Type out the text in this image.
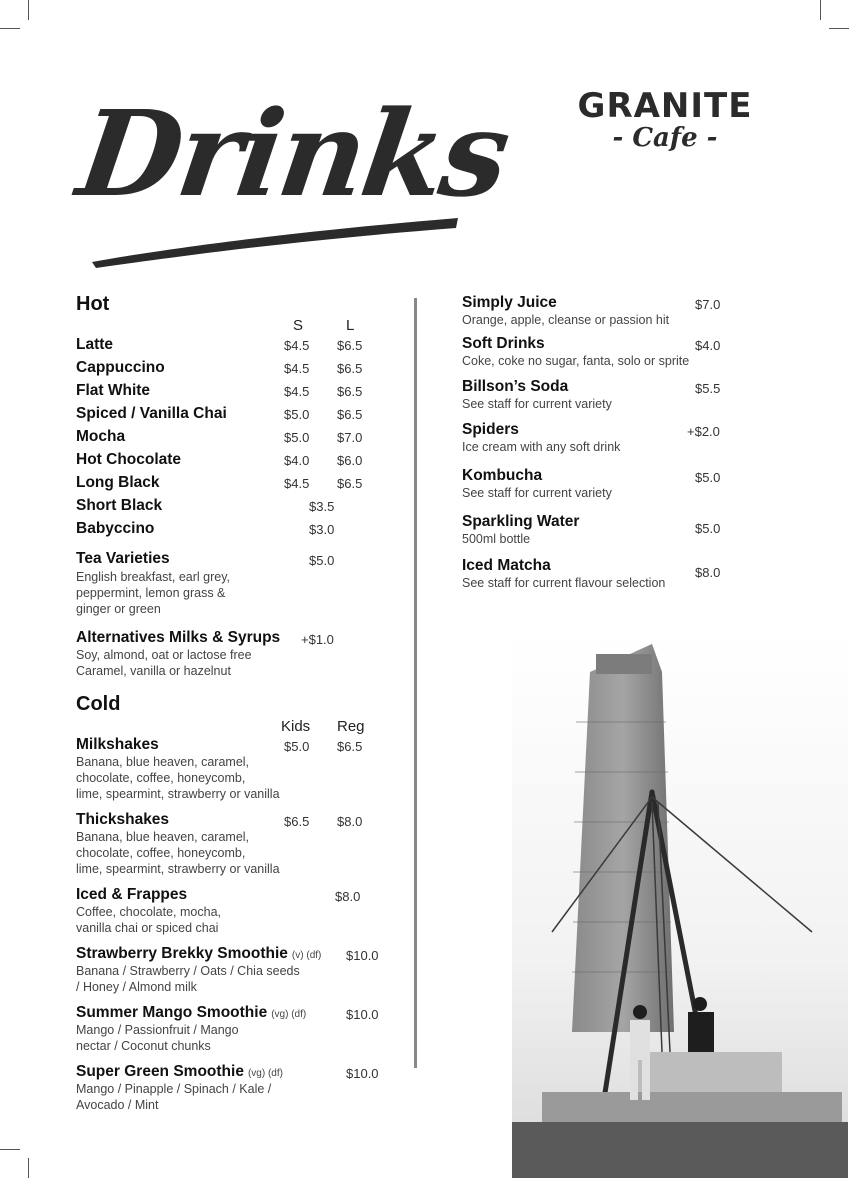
Drinks GRANITE
- Cafe -
Hot
S	L
Latte	$4.5 $6.5
Cappuccino	$4.5 $6.5
Flat White	$4.5 $6.5
Spiced / Vanilla Chai	$5.0 $6.5
Mocha	$5.0 $7.0
Hot Chocolate	$4.0 $6.0
Long Black	$4.5 $6.5
Short Black	$3.5
Babyccino	$3.0
Tea Varieties	$5.0
English breakfast, earl grey,
peppermint, lemon grass &
ginger or green
Alternatives Milks & Syrups +$1.0
Soy, almond, oat or lactose free
Caramel, vanilla or hazelnut
Cold
Kids Reg
Milkshakes	$5.0 $6.5
Banana, blue heaven, caramel,
chocolate, coffee, honeycomb,
lime, spearmint, strawberry or vanilla
Thickshakes	$6.5 $8.0
Banana, blue heaven, caramel,
chocolate, coffee, honeycomb,
lime, spearmint, strawberry or vanilla
Iced & Frappes	$8.0
Coffee, chocolate, mocha,
vanilla chai or spiced chai
Strawberry Brekky Smoothie (v) (df) $10.0
Banana / Strawberry / Oats / Chia seeds
/ Honey / Almond milk
Summer Mango Smoothie (vg) (df)	$10.0
Mango / Passionfruit / Mango
nectar / Coconut chunks
Super Green Smoothie (vg) (df)	$10.0
Mango / Pinapple / Spinach / Kale /
Avocado / Mint
Simply Juice	$7.0
Orange, apple, cleanse or passion hit
Soft Drinks	$4.0
Coke, coke no sugar, fanta, solo or sprite
Billson’s Soda	$5.5
See staff for current variety
Spiders	+$2.0
Ice cream with any soft drink
Kombucha	$5.0
See staff for current variety
Sparkling Water	$5.0
500ml bottle
Iced Matcha	$8.0
See staff for current flavour selection
